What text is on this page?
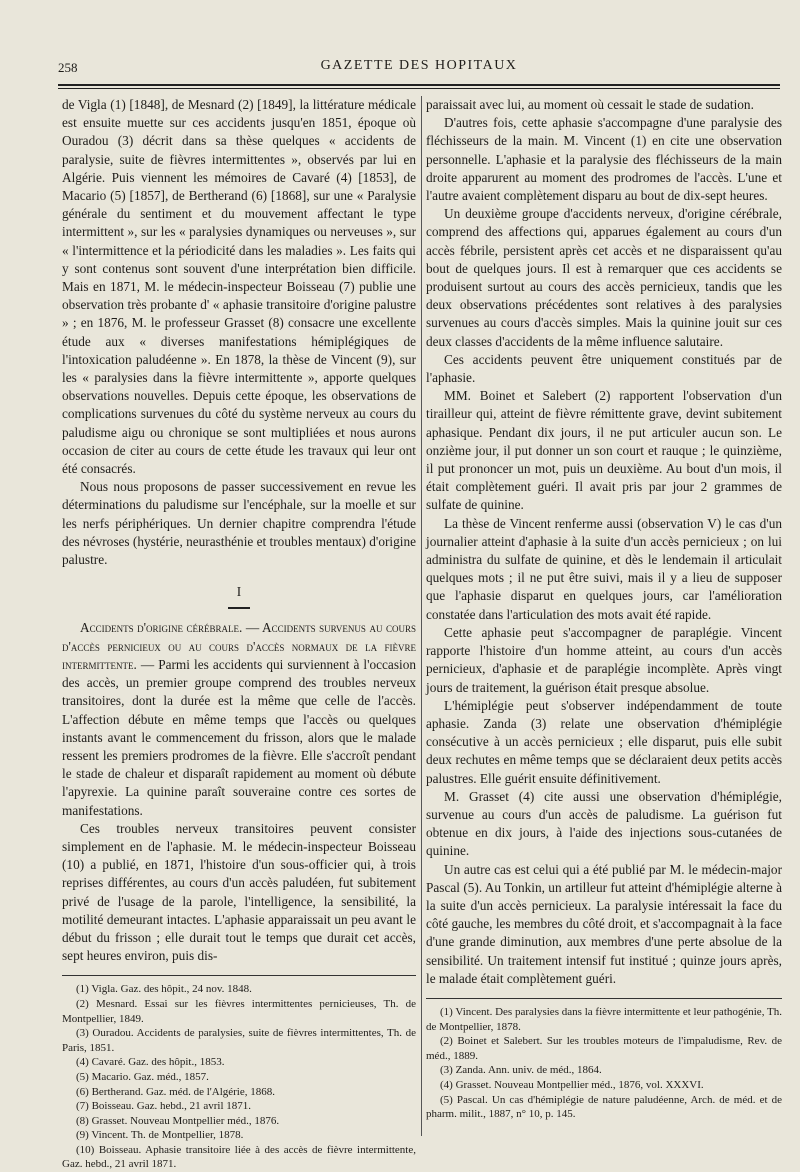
258	GAZETTE DES HOPITAUX

de Vigla (1) [1848], de Mesnard (2) [1849], la littérature médicale est ensuite muette sur ces accidents jusqu'en 1851, époque où Ouradou (3) décrit dans sa thèse quelques « accidents de paralysie, suite de fièvres intermittentes », observés par lui en Algérie. Puis viennent les mémoires de Cavaré (4) [1853], de Macario (5) [1857], de Bertherand (6) [1868], sur une « Paralysie générale du sentiment et du mouvement affectant le type intermittent », sur les « paralysies dynamiques ou nerveuses », sur « l'intermittence et la périodicité dans les maladies ». Les faits qui y sont contenus sont souvent d'une interprétation bien difficile. Mais en 1871, M. le médecin-inspecteur Boisseau (7) publie une observation très probante d' « aphasie transitoire d'origine palustre » ; en 1876, M. le professeur Grasset (8) consacre une excellente étude aux « diverses manifestations hémiplégiques de l'intoxication paludéenne ». En 1878, la thèse de Vincent (9), sur les « paralysies dans la fièvre intermittente », apporte quelques observations nouvelles. Depuis cette époque, les observations de complications survenues du côté du système nerveux au cours du paludisme aigu ou chronique se sont multipliées et nous aurons occasion de citer au cours de cette étude les travaux qui leur ont été consacrés.

Nous nous proposons de passer successivement en revue les déterminations du paludisme sur l'encéphale, sur la moelle et sur les nerfs périphériques. Un dernier chapitre comprendra l'étude des névroses (hystérie, neurasthénie et troubles mentaux) d'origine palustre.

I

Accidents d'origine cérébrale. — Accidents survenus au cours d'accès pernicieux ou au cours d'accès normaux de la fièvre intermittente. — Parmi les accidents qui surviennent à l'occasion des accès, un premier groupe comprend des troubles nerveux transitoires, dont la durée est la même que celle de l'accès. L'affection débute en même temps que l'accès ou quelques instants avant le commencement du frisson, alors que le malade ressent les premiers prodromes de la fièvre. Elle s'accroît pendant le stade de chaleur et disparaît rapidement au moment où débute l'apyrexie. La quinine paraît souveraine contre ces sortes de manifestations.

Ces troubles nerveux transitoires peuvent consister simplement en de l'aphasie. M. le médecin-inspecteur Boisseau (10) a publié, en 1871, l'histoire d'un sous-officier qui, à trois reprises différentes, au cours d'un accès paludéen, fut subitement privé de l'usage de la parole, l'intelligence, la sensibilité, la motilité demeurant intactes. L'aphasie apparaissait un peu avant le début du frisson ; elle durait tout le temps que durait cet accès, sept heures environ, puis dis-

(1) Vigla. Gaz. des hôpit., 24 nov. 1848.

(2) Mesnard. Essai sur les fièvres intermittentes pernicieuses, Th. de Montpellier, 1849.

(3) Ouradou. Accidents de paralysies, suite de fièvres intermittentes, Th. de Paris, 1851.

(4) Cavaré. Gaz. des hôpit., 1853.

(5) Macario. Gaz. méd., 1857.

(6) Bertherand. Gaz. méd. de l'Algérie, 1868.

(7) Boisseau. Gaz. hebd., 21 avril 1871.

(8) Grasset. Nouveau Montpellier méd., 1876.

(9) Vincent. Th. de Montpellier, 1878.

(10) Boisseau. Aphasie transitoire liée à des accès de fièvre intermittente, Gaz. hebd., 21 avril 1871.

paraissait avec lui, au moment où cessait le stade de sudation.

D'autres fois, cette aphasie s'accompagne d'une paralysie des fléchisseurs de la main. M. Vincent (1) en cite une observation personnelle. L'aphasie et la paralysie des fléchisseurs de la main droite apparurent au moment des prodromes de l'accès. L'une et l'autre avaient complètement disparu au bout de dix-sept heures.

Un deuxième groupe d'accidents nerveux, d'origine cérébrale, comprend des affections qui, apparues également au cours d'un accès fébrile, persistent après cet accès et ne disparaissent qu'au bout de quelques jours. Il est à remarquer que ces accidents se produisent surtout au cours des accès pernicieux, tandis que les deux observations précédentes sont relatives à des paralysies survenues au cours d'accès simples. Mais la quinine jouit sur ces deux classes d'accidents de la même influence salutaire.

Ces accidents peuvent être uniquement constitués par de l'aphasie.

MM. Boinet et Salebert (2) rapportent l'observation d'un tirailleur qui, atteint de fièvre rémittente grave, devint subitement aphasique. Pendant dix jours, il ne put articuler aucun son. Le onzième jour, il put donner un son court et rauque ; le quinzième, il put prononcer un mot, puis un deuxième. Au bout d'un mois, il était complètement guéri. Il avait pris par jour 2 grammes de sulfate de quinine.

La thèse de Vincent renferme aussi (observation V) le cas d'un journalier atteint d'aphasie à la suite d'un accès pernicieux ; on lui administra du sulfate de quinine, et dès le lendemain il articulait quelques mots ; il ne put être suivi, mais il y a lieu de supposer que l'aphasie disparut en quelques jours, car l'amélioration constatée dans l'articulation des mots avait été rapide.

Cette aphasie peut s'accompagner de paraplégie. Vincent rapporte l'histoire d'un homme atteint, au cours d'un accès pernicieux, d'aphasie et de paraplégie incomplète. Après vingt jours de traitement, la guérison était presque absolue.

L'hémiplégie peut s'observer indépendamment de toute aphasie. Zanda (3) relate une observation d'hémiplégie consécutive à un accès pernicieux ; elle disparut, puis elle subit deux rechutes en même temps que se déclaraient deux petits accès palustres. Elle guérit ensuite définitivement.

M. Grasset (4) cite aussi une observation d'hémiplégie, survenue au cours d'un accès de paludisme. La guérison fut obtenue en dix jours, à l'aide des injections sous-cutanées de quinine.

Un autre cas est celui qui a été publié par M. le médecin-major Pascal (5). Au Tonkin, un artilleur fut atteint d'hémiplégie alterne à la suite d'un accès pernicieux. La paralysie intéressait la face du côté gauche, les membres du côté droit, et s'accompagnait à la face d'une grande diminution, aux membres d'une perte absolue de la sensibilité. Un traitement intensif fut institué ; quinze jours après, le malade était complètement guéri.

(1) Vincent. Des paralysies dans la fièvre intermittente et leur pathogénie, Th. de Montpellier, 1878.

(2) Boinet et Salebert. Sur les troubles moteurs de l'impaludisme, Rev. de méd., 1889.

(3) Zanda. Ann. univ. de méd., 1864.

(4) Grasset. Nouveau Montpellier méd., 1876, vol. XXXVI.

(5) Pascal. Un cas d'hémiplégie de nature paludéenne, Arch. de méd. et de pharm. milit., 1887, n° 10, p. 145.
